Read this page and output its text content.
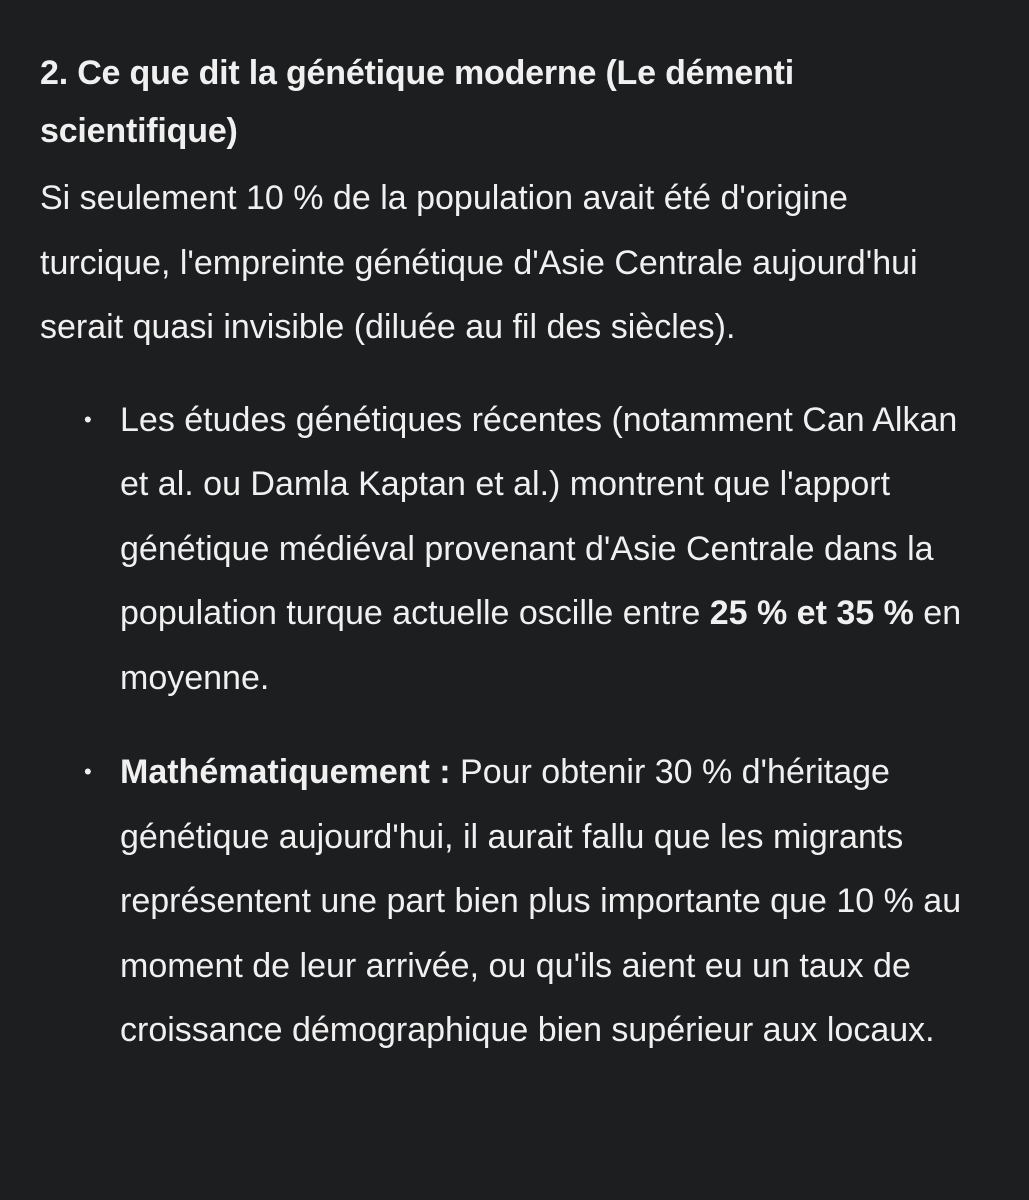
2. Ce que dit la génétique moderne (Le démenti scientifique)

Si seulement 10 % de la population avait été d'origine turcique, l'empreinte génétique d'Asie Centrale aujourd'hui serait quasi invisible (diluée au fil des siècles).

• Les études génétiques récentes (notamment Can Alkan et al. ou Damla Kaptan et al.) montrent que l'apport génétique médiéval provenant d'Asie Centrale dans la population turque actuelle oscille entre 25 % et 35 % en moyenne.
• Mathématiquement : Pour obtenir 30 % d'héritage génétique aujourd'hui, il aurait fallu que les migrants représentent une part bien plus importante que 10 % au moment de leur arrivée, ou qu'ils aient eu un taux de croissance démographique bien supérieur aux locaux.
